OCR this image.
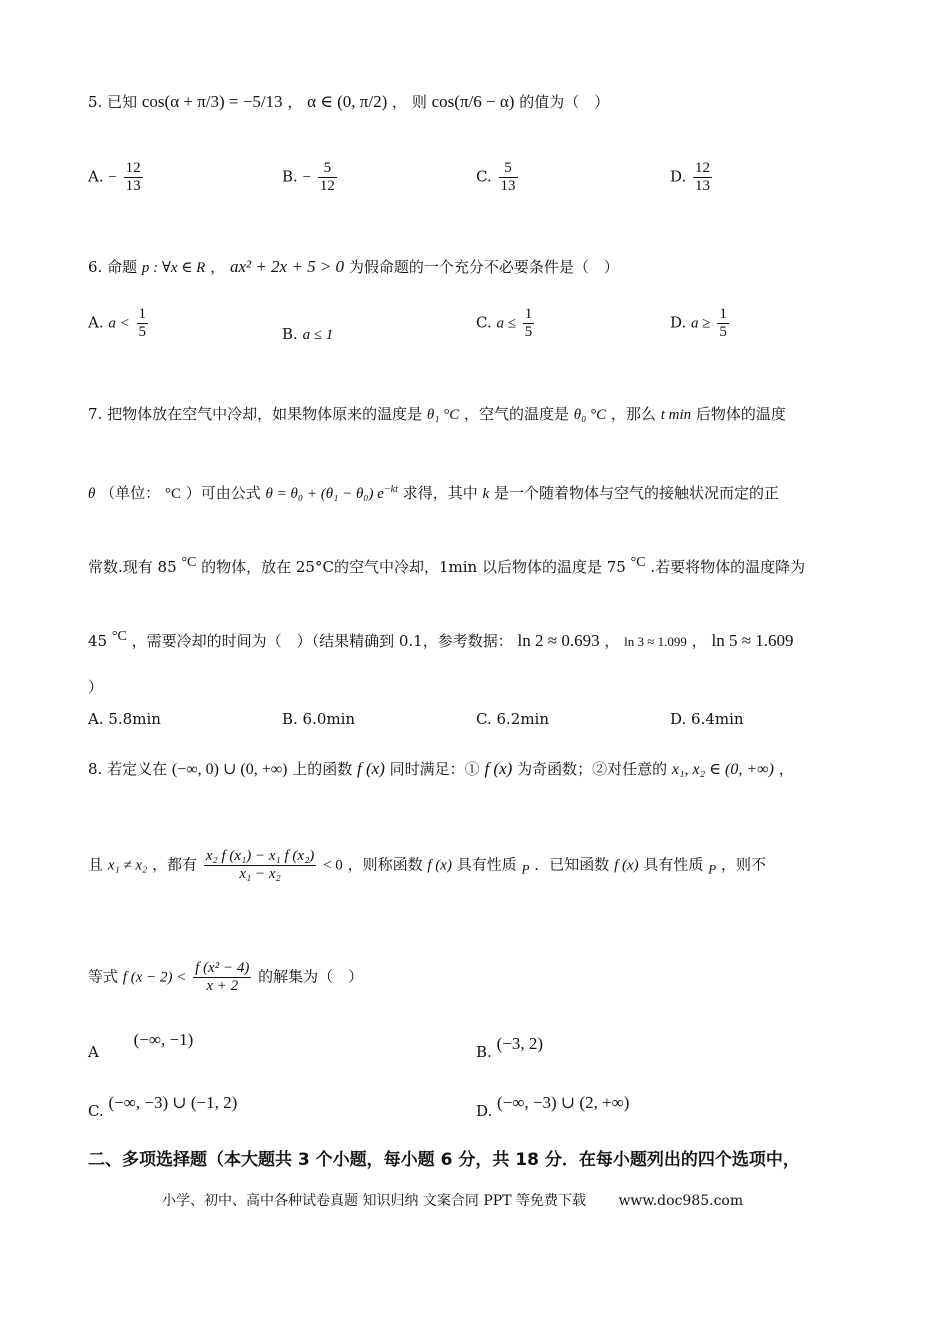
5. 已知 cos(α + π/3) = −5/13 ， α ∈ (0, π/2) ， 则 cos(π/6 − α) 的值为（　）
A. − $\frac{12}{13}$	B. − $\frac{5}{12}$	C. $\frac{5}{13}$	D. $\frac{12}{13}$
6. 命题 p : ∀x ∈ R ， ax² + 2x + 5 > 0 为假命题的一个充分不必要条件是（　）
A. $a < \frac{1}{5}$	B. a ≤ 1
C. $a \le \frac{1}{5}$	D. $a \ge \frac{1}{5}$
7. 把物体放在空气中冷却，如果物体原来的温度是 θ₁ °C ，空气的温度是 θ₀ °C ，那么 t min 后物体的温度
θ （单位： °C ）可由公式 θ = θ₀ + (θ₁ − θ₀) $e^{-kt}$ 求得，其中 k 是一个随着物体与空气的接触状况而定的正
常数.现有 85 $^{^\circ C}$ 的物体，放在 25°C的空气中冷却，1min 以后物体的温度是 75 $^{^\circ C}$ .若要将物体的温度降为
45 $^{^\circ C}$ ，需要冷却的时间为（　）（结果精确到 0.1，参考数据： ln 2 ≈ 0.693 ， ln 3 ≈ 1.099 ， ln 5 ≈ 1.609
）
A. 5.8min	B. 6.0min	C. 6.2min	D. 6.4min
8. 若定义在 (−∞, 0) ∪ (0, +∞) 上的函数 f (x) 同时满足：① f (x) 为奇函数；②对任意的 x₁, x₂ ∈ (0, +∞) ，
且 x₁ ≠ x₂ ，都有 $\frac{\text{x₂ f (x₁) − x₁ f (x₂)}}{\text{x₁ − x₂}} < 0$ ，则称函数 f (x) 具有性质 $_P$ ．已知函数 f (x) 具有性质 $_P$ ，则不
等式 f $(x - 2) < \frac{\text{f (x² − 4)}}{x + 2}$ 的解集为（　）
A (−∞, −1)
B. (−3, 2)
C. (−∞, −3) ∪ (−1, 2)	D. (−∞, −3) ∪ (2, +∞)
二、多项选择题（本大题共 3 个小题，每小题 6 分，共 18 分．在每小题列出的四个选项中，
小学、初中、高中各种试卷真题 知识归纳 文案合同 PPT 等免费下载 www.doc985.com
